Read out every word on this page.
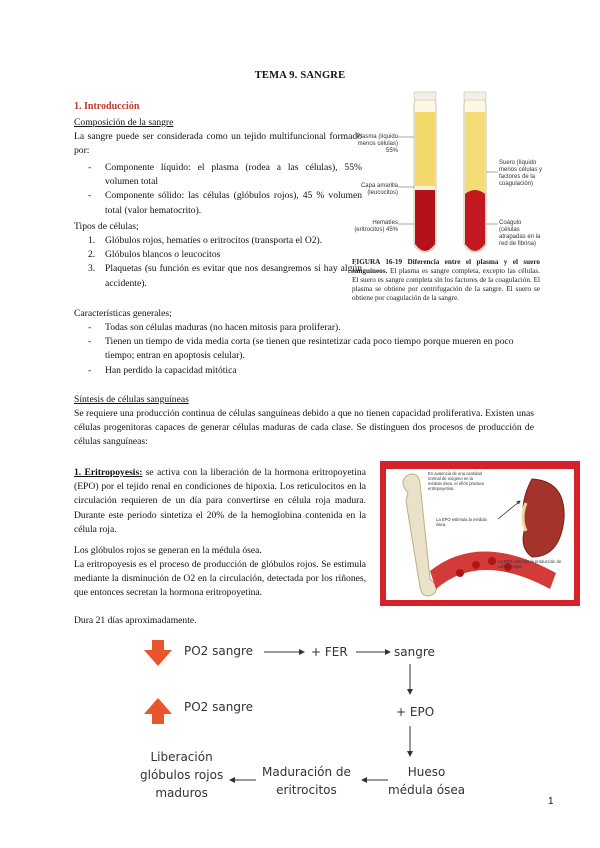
TEMA 9. SANGRE
1. Introducción
Composición de la sangre
La sangre puede ser considerada como un tejido multifuncional formado por:
- Componente líquido: el plasma (rodea a las células), 55% volumen total
- Componente sólido: las células (glóbulos rojos), 45 % volumen total (valor hematocrito).
Tipos de células;
1. Glóbulos rojos, hematíes o eritrocitos (transporta el O2).
2. Glóbulos blancos o leucocitos
3. Plaquetas (su función es evitar que nos desangremos si hay algún accidente).
Características generales;
- Todas son células maduras (no hacen mitosis para proliferar).
- Tienen un tiempo de vida media corta (se tienen que resintetizar cada poco tiempo porque mueren en poco tiempo; entran en apoptosis celular).
- Han perdido la capacidad mitótica
Plasma (líquido menos células) 55%
Capa amarilla (leucocitos)
Hematíes (eritrocitos) 45%
Suero (líquido menos células y factores de la coagulación)
Coágulo (células atrapadas en la red de fibrina)
FIGURA 16-19 Diferencia entre el plasma y el suero sanguíneos. El plasma es sangre completa, excepto las células. El suero es sangre completa sin los factores de la coagulación. El plasma se obtiene por centrifugación de la sangre. El suero se obtiene por coagulación de la sangre.
Síntesis de células sanguíneas
Se requiere una producción continua de células sanguíneas debido a que no tienen capacidad proliferativa. Existen unas células progenitoras capaces de generar células maduras de cada clase. Se distinguen dos procesos de producción de células sanguíneas:
1. Eritropoyesis: se activa con la liberación de la hormona eritropoyetina (EPO) por el tejido renal en condiciones de hipoxia. Los reticulocitos en la circulación requieren de un día para convertirse en célula roja madura. Durante este periodo sintetiza el 20% de la hemoglobina contenida en la célula roja.
Los glóbulos rojos se generan en la médula ósea.
La eritropoyesis es el proceso de producción de glóbulos rojos. Se estimula mediante la disminución de O2 en la circulación, detectada por los riñones, que entonces secretan la hormona eritropoyetina.
Dura 21 días aproximadamente.
En ausencia de una cantidad normal de oxígeno en la médula ósea, el riñón produce eritropoyetina.
La EPO estimula la médula ósea.
La EPO estimula la producción de células rojas.
PO2 sangre	+ FER	sangre
+ EPO
PO2 sangre
Hueso
médula ósea
Maduración de
eritrocitos
Liberación
glóbulos rojos
maduros
1
